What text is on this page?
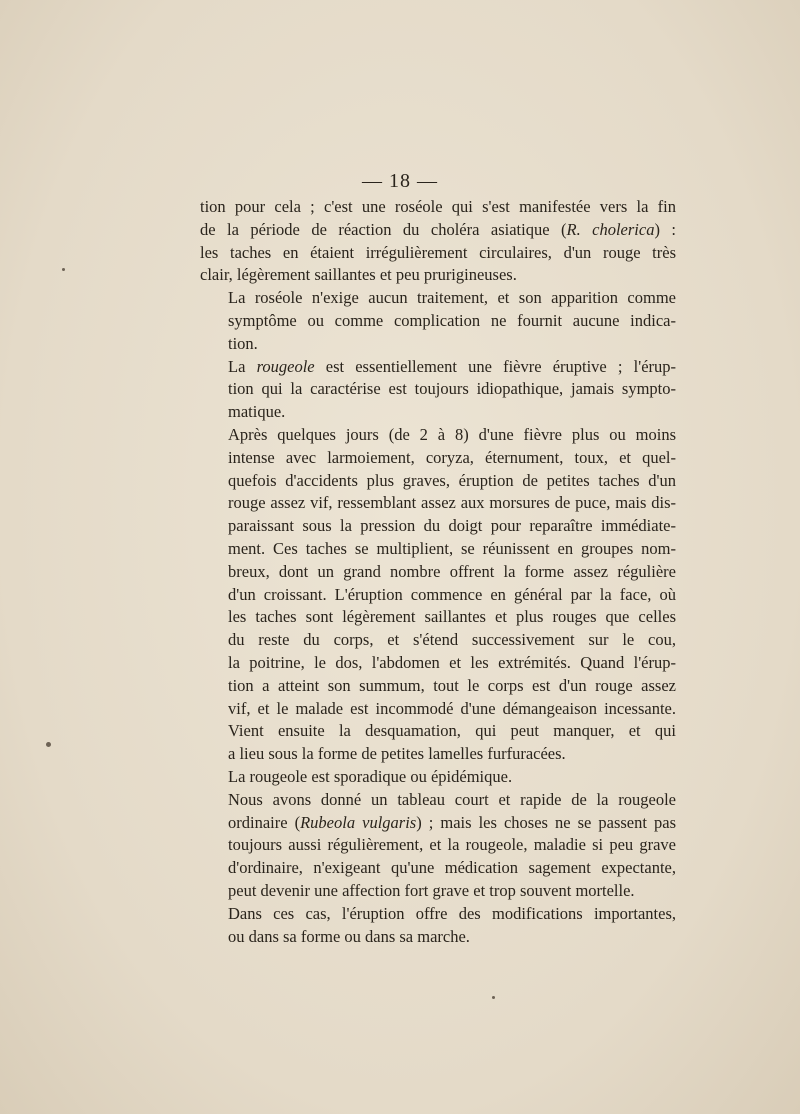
— 18 —
tion pour cela ; c'est une roséole qui s'est manifestée vers la fin
de la période de réaction du choléra asiatique (R. cholerica) :
les taches en étaient irrégulièrement circulaires, d'un rouge très
clair, légèrement saillantes et peu prurigineuses.
La roséole n'exige aucun traitement, et son apparition comme
symptôme ou comme complication ne fournit aucune indica-
tion.
La rougeole est essentiellement une fièvre éruptive ; l'érup-
tion qui la caractérise est toujours idiopathique, jamais sympto-
matique.
Après quelques jours (de 2 à 8) d'une fièvre plus ou moins
intense avec larmoiement, coryza, éternument, toux, et quel-
quefois d'accidents plus graves, éruption de petites taches d'un
rouge assez vif, ressemblant assez aux morsures de puce, mais dis-
paraissant sous la pression du doigt pour reparaître immédiate-
ment. Ces taches se multiplient, se réunissent en groupes nom-
breux, dont un grand nombre offrent la forme assez régulière
d'un croissant. L'éruption commence en général par la face, où
les taches sont légèrement saillantes et plus rouges que celles
du reste du corps, et s'étend successivement sur le cou,
la poitrine, le dos, l'abdomen et les extrémités. Quand l'érup-
tion a atteint son summum, tout le corps est d'un rouge assez
vif, et le malade est incommodé d'une démangeaison incessante.
Vient ensuite la desquamation, qui peut manquer, et qui
a lieu sous la forme de petites lamelles furfuracées.
La rougeole est sporadique ou épidémique.
Nous avons donné un tableau court et rapide de la rougeole
ordinaire (Rubeola vulgaris) ; mais les choses ne se passent pas
toujours aussi régulièrement, et la rougeole, maladie si peu grave
d'ordinaire, n'exigeant qu'une médication sagement expectante,
peut devenir une affection fort grave et trop souvent mortelle.
Dans ces cas, l'éruption offre des modifications importantes,
ou dans sa forme ou dans sa marche.
